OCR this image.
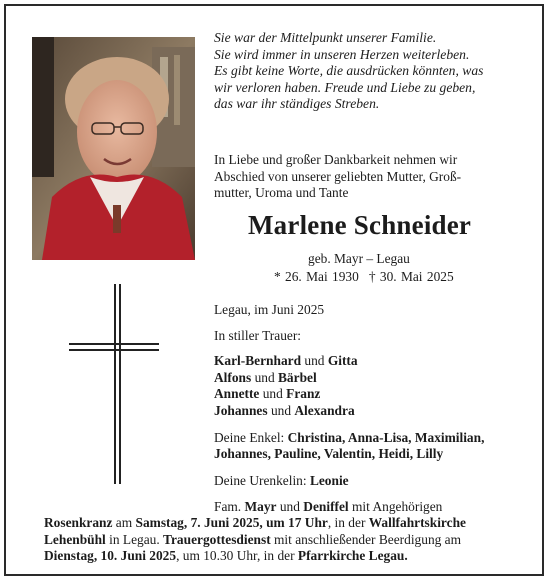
Sie war der Mittelpunkt unserer Familie.
Sie wird immer in unseren Herzen weiterleben.
Es gibt keine Worte, die ausdrücken könnten, was
wir verloren haben. Freude und Liebe zu geben,
das war ihr ständiges Streben.
In Liebe und großer Dankbarkeit nehmen wir
Abschied von unserer geliebten Mutter, Groß-
mutter, Uroma und Tante
Marlene Schneider
geb. Mayr – Legau
* 26. Mai 1930 † 30. Mai 2025
Legau, im Juni 2025
In stiller Trauer:
Karl-Bernhard und Gitta
Alfons und Bärbel
Annette und Franz
Johannes und Alexandra
Deine Enkel: Christina, Anna-Lisa, Maximilian,
Johannes, Pauline, Valentin, Heidi, Lilly
Deine Urenkelin: Leonie
Fam. Mayr und Deniffel mit Angehörigen
Rosenkranz am Samstag, 7. Juni 2025, um 17 Uhr, in der Wallfahrtskirche
Lehenbühl in Legau. Trauergottesdienst mit anschließender Beerdigung am
Dienstag, 10. Juni 2025, um 10.30 Uhr, in der Pfarrkirche Legau.
